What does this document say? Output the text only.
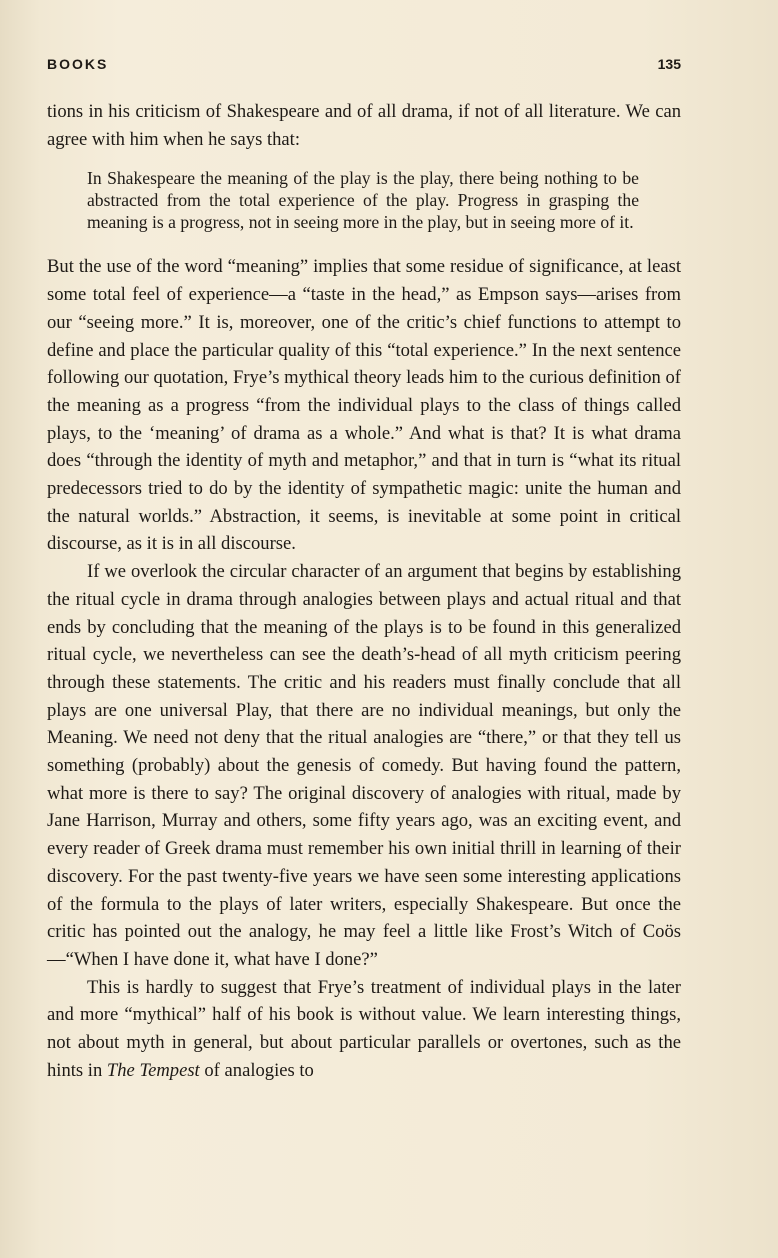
BOOKS	135

tions in his criticism of Shakespeare and of all drama, if not of all literature. We can agree with him when he says that:

In Shakespeare the meaning of the play is the play, there being nothing to be abstracted from the total experience of the play. Progress in grasping the meaning is a progress, not in seeing more in the play, but in seeing more of it.

But the use of the word “meaning” implies that some residue of significance, at least some total feel of experience—a “taste in the head,” as Empson says—arises from our “seeing more.” It is, moreover, one of the critic’s chief functions to attempt to define and place the particular quality of this “total experience.” In the next sentence following our quotation, Frye’s mythical theory leads him to the curious definition of the meaning as a progress “from the individual plays to the class of things called plays, to the ‘meaning’ of drama as a whole.” And what is that? It is what drama does “through the identity of myth and metaphor,” and that in turn is “what its ritual predecessors tried to do by the identity of sympathetic magic: unite the human and the natural worlds.” Abstraction, it seems, is inevitable at some point in critical discourse, as it is in all discourse.

If we overlook the circular character of an argument that begins by establishing the ritual cycle in drama through analogies between plays and actual ritual and that ends by concluding that the meaning of the plays is to be found in this generalized ritual cycle, we nevertheless can see the death’s-head of all myth criticism peering through these statements. The critic and his readers must finally conclude that all plays are one universal Play, that there are no individual meanings, but only the Meaning. We need not deny that the ritual analogies are “there,” or that they tell us something (probably) about the genesis of comedy. But having found the pattern, what more is there to say? The original discovery of analogies with ritual, made by Jane Harrison, Murray and others, some fifty years ago, was an exciting event, and every reader of Greek drama must remember his own initial thrill in learning of their discovery. For the past twenty-five years we have seen some interesting applications of the formula to the plays of later writers, especially Shakespeare. But once the critic has pointed out the analogy, he may feel a little like Frost’s Witch of Coös—“When I have done it, what have I done?”

This is hardly to suggest that Frye’s treatment of individual plays in the later and more “mythical” half of his book is without value. We learn interesting things, not about myth in general, but about particular parallels or overtones, such as the hints in The Tempest of analogies to
